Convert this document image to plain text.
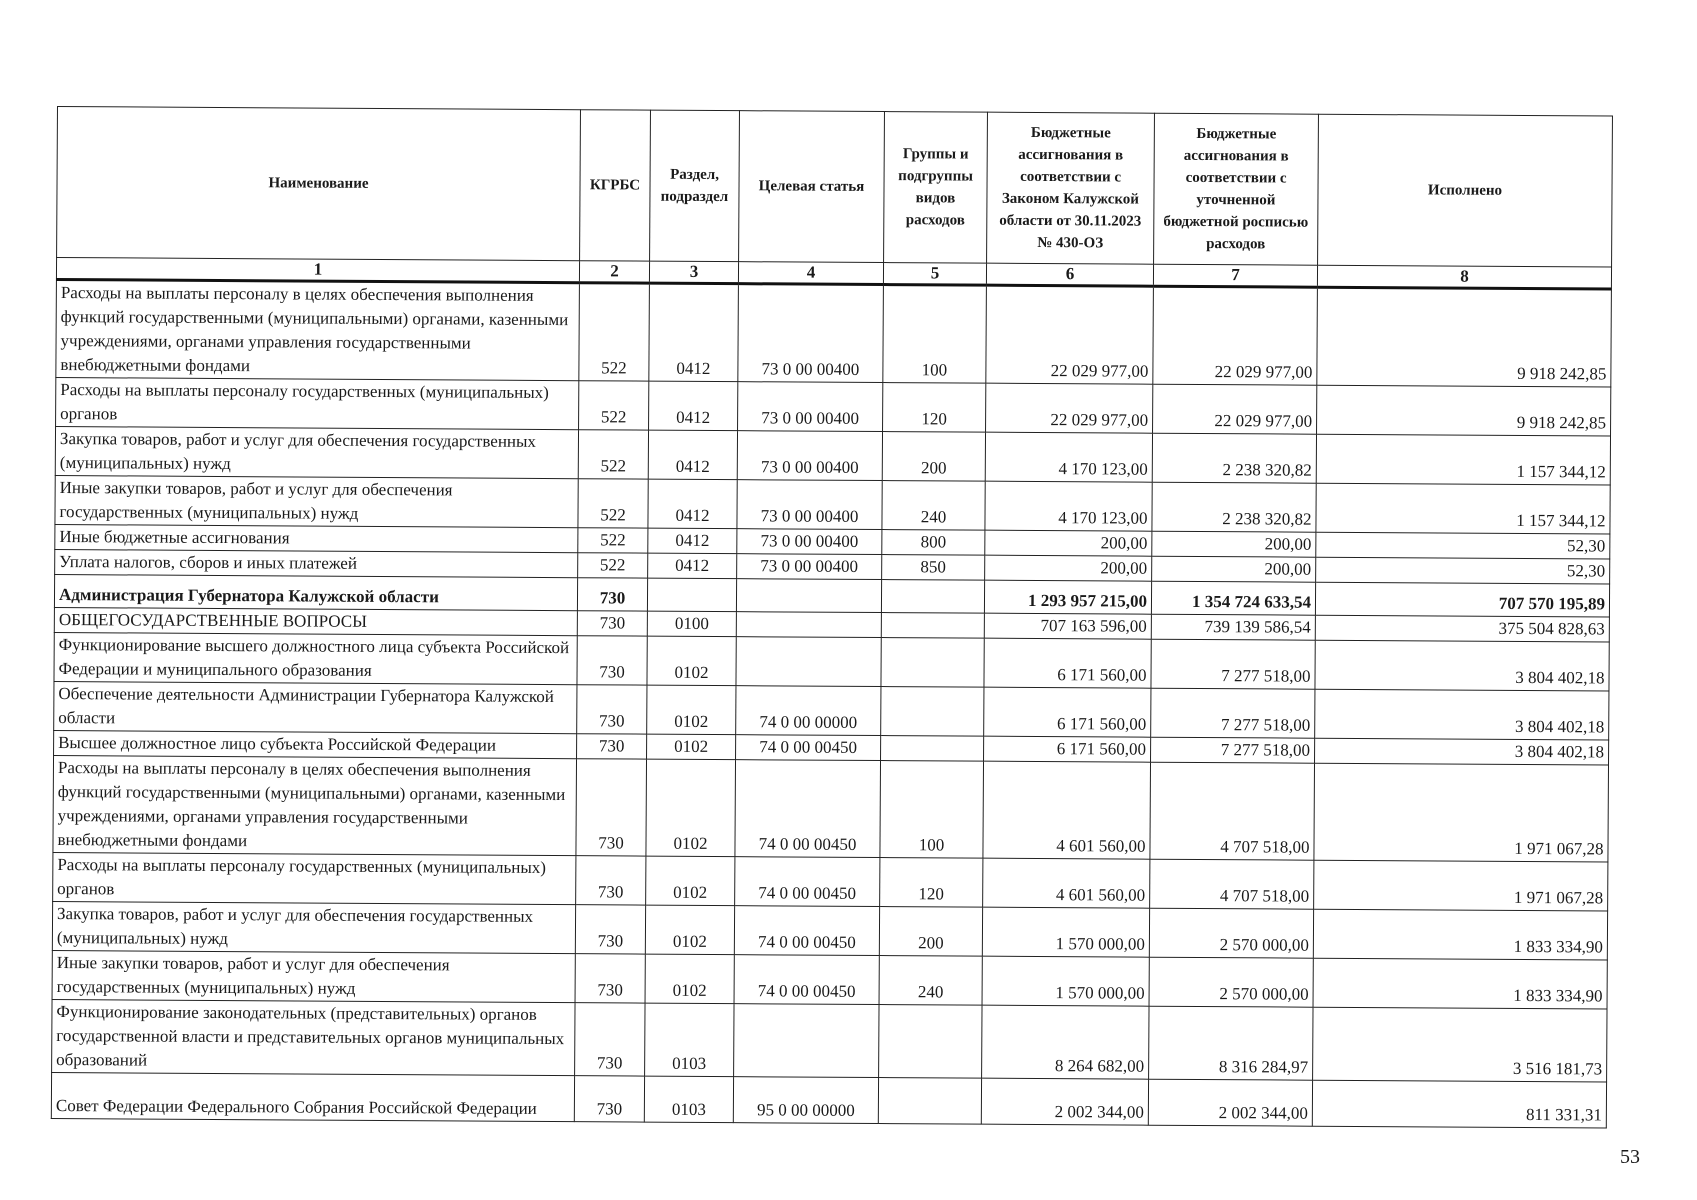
Наименование	КГРБС	Раздел, подраздел	Целевая статья	Группы и подгруппы видов расходов	Бюджетные ассигнования в соответствии с Законом Калужской области от 30.11.2023 № 430-ОЗ	Бюджетные ассигнования в соответствии с уточненной бюджетной росписью расходов	Исполнено
1	2	3	4	5	6	7	8
Расходы на выплаты персоналу в целях обеспечения выполнения функций государственными (муниципальными) органами, казенными учреждениями, органами управления государственными внебюджетными фондами	522	0412	73 0 00 00400	100	22 029 977,00	22 029 977,00	9 918 242,85
Расходы на выплаты персоналу государственных (муниципальных) органов	522	0412	73 0 00 00400	120	22 029 977,00	22 029 977,00	9 918 242,85
Закупка товаров, работ и услуг для обеспечения государственных (муниципальных) нужд	522	0412	73 0 00 00400	200	4 170 123,00	2 238 320,82	1 157 344,12
Иные закупки товаров, работ и услуг для обеспечения государственных (муниципальных) нужд	522	0412	73 0 00 00400	240	4 170 123,00	2 238 320,82	1 157 344,12
Иные бюджетные ассигнования	522	0412	73 0 00 00400	800	200,00	200,00	52,30
Уплата налогов, сборов и иных платежей	522	0412	73 0 00 00400	850	200,00	200,00	52,30
Администрация Губернатора Калужской области	730				1 293 957 215,00	1 354 724 633,54	707 570 195,89
ОБЩЕГОСУДАРСТВЕННЫЕ ВОПРОСЫ	730	0100			707 163 596,00	739 139 586,54	375 504 828,63
Функционирование высшего должностного лица субъекта Российской Федерации и муниципального образования	730	0102			6 171 560,00	7 277 518,00	3 804 402,18
Обеспечение деятельности Администрации Губернатора Калужской области	730	0102	74 0 00 00000		6 171 560,00	7 277 518,00	3 804 402,18
Высшее должностное лицо субъекта Российской Федерации	730	0102	74 0 00 00450		6 171 560,00	7 277 518,00	3 804 402,18
Расходы на выплаты персоналу в целях обеспечения выполнения функций государственными (муниципальными) органами, казенными учреждениями, органами управления государственными внебюджетными фондами	730	0102	74 0 00 00450	100	4 601 560,00	4 707 518,00	1 971 067,28
Расходы на выплаты персоналу государственных (муниципальных) органов	730	0102	74 0 00 00450	120	4 601 560,00	4 707 518,00	1 971 067,28
Закупка товаров, работ и услуг для обеспечения государственных (муниципальных) нужд	730	0102	74 0 00 00450	200	1 570 000,00	2 570 000,00	1 833 334,90
Иные закупки товаров, работ и услуг для обеспечения государственных (муниципальных) нужд	730	0102	74 0 00 00450	240	1 570 000,00	2 570 000,00	1 833 334,90
Функционирование законодательных (представительных) органов государственной власти и представительных органов муниципальных образований	730	0103			8 264 682,00	8 316 284,97	3 516 181,73
Совет Федерации Федерального Собрания Российской Федерации	730	0103	95 0 00 00000		2 002 344,00	2 002 344,00	811 331,31
53
